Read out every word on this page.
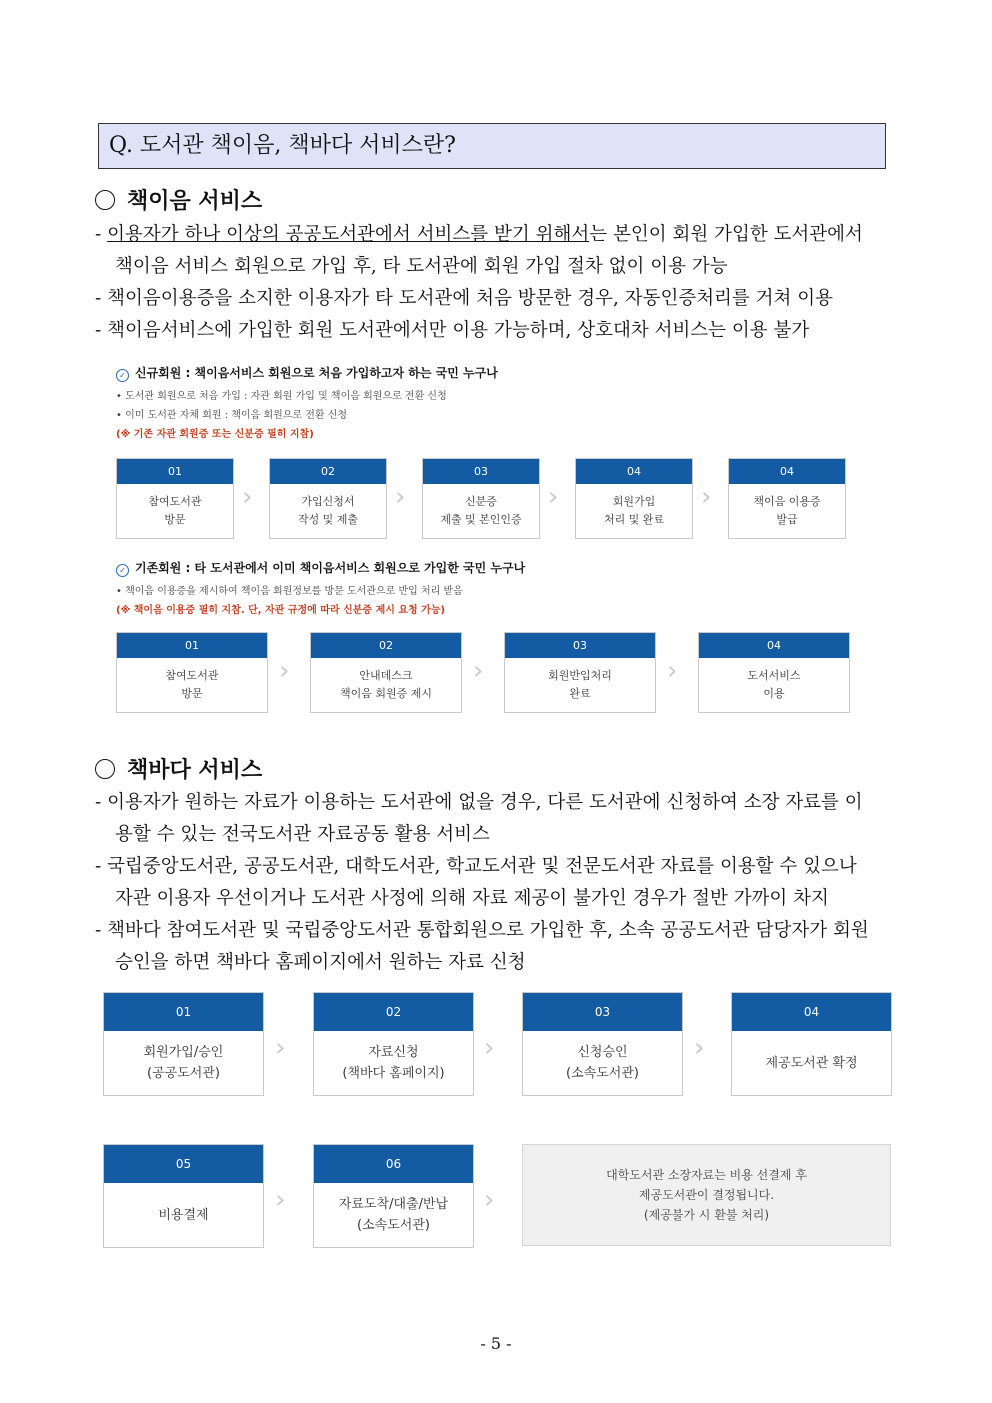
Q. 도서관 책이음, 책바다 서비스란?
책이음 서비스
- 이용자가 하나 이상의 공공도서관에서 서비스를 받기 위해서는 본인이 회원 가입한 도서관에서
책이음 서비스 회원으로 가입 후, 타 도서관에 회원 가입 절차 없이 이용 가능
- 책이음이용증을 소지한 이용자가 타 도서관에 처음 방문한 경우, 자동인증처리를 거쳐 이용
- 책이음서비스에 가입한 회원 도서관에서만 이용 가능하며, 상호대차 서비스는 이용 불가
✓ 신규회원 : 책이음서비스 회원으로 처음 가입하고자 하는 국민 누구나
• 도서관 회원으로 처음 가입 : 자관 회원 가입 및 책이음 회원으로 전환 신청
• 이미 도서관 자체 회원 : 책이음 회원으로 전환 신청
(※ 기존 자관 회원증 또는 신분증 필히 지참)
01
참여도서관
방문
›
02
가입신청서
작성 및 제출
›
03
신분증
제출 및 본인인증
›
04
회원가입
처리 및 완료
›
04
책이음 이용증
발급
✓ 기존회원 : 타 도서관에서 이미 책이음서비스 회원으로 가입한 국민 누구나
• 책이음 이용증을 제시하여 책이음 회원정보를 방문 도서관으로 반입 처리 받음
(※ 책이음 이용증 필히 지참. 단, 자관 규정에 따라 신분증 제시 요청 가능)
01
참여도서관
방문
›
02
안내데스크
책이음 회원증 제시
›
03
회원반입처리
완료
›
04
도서서비스
이용
책바다 서비스
- 이용자가 원하는 자료가 이용하는 도서관에 없을 경우, 다른 도서관에 신청하여 소장 자료를 이
용할 수 있는 전국도서관 자료공동 활용 서비스
- 국립중앙도서관, 공공도서관, 대학도서관, 학교도서관 및 전문도서관 자료를 이용할 수 있으나
자관 이용자 우선이거나 도서관 사정에 의해 자료 제공이 불가인 경우가 절반 가까이 차지
- 책바다 참여도서관 및 국립중앙도서관 통합회원으로 가입한 후, 소속 공공도서관 담당자가 회원
승인을 하면 책바다 홈페이지에서 원하는 자료 신청
01
회원가입/승인
(공공도서관)
02
자료신청
(책바다 홈페이지)
03
신청승인
(소속도서관)
04
제공도서관 확정
05
비용결제
06
자료도착/대출/반납
(소속도서관)
›	›	›
›	›
대학도서관 소장자료는 비용 선결제 후
제공도서관이 결정됩니다.
(제공불가 시 환불 처리)
- 5 -
